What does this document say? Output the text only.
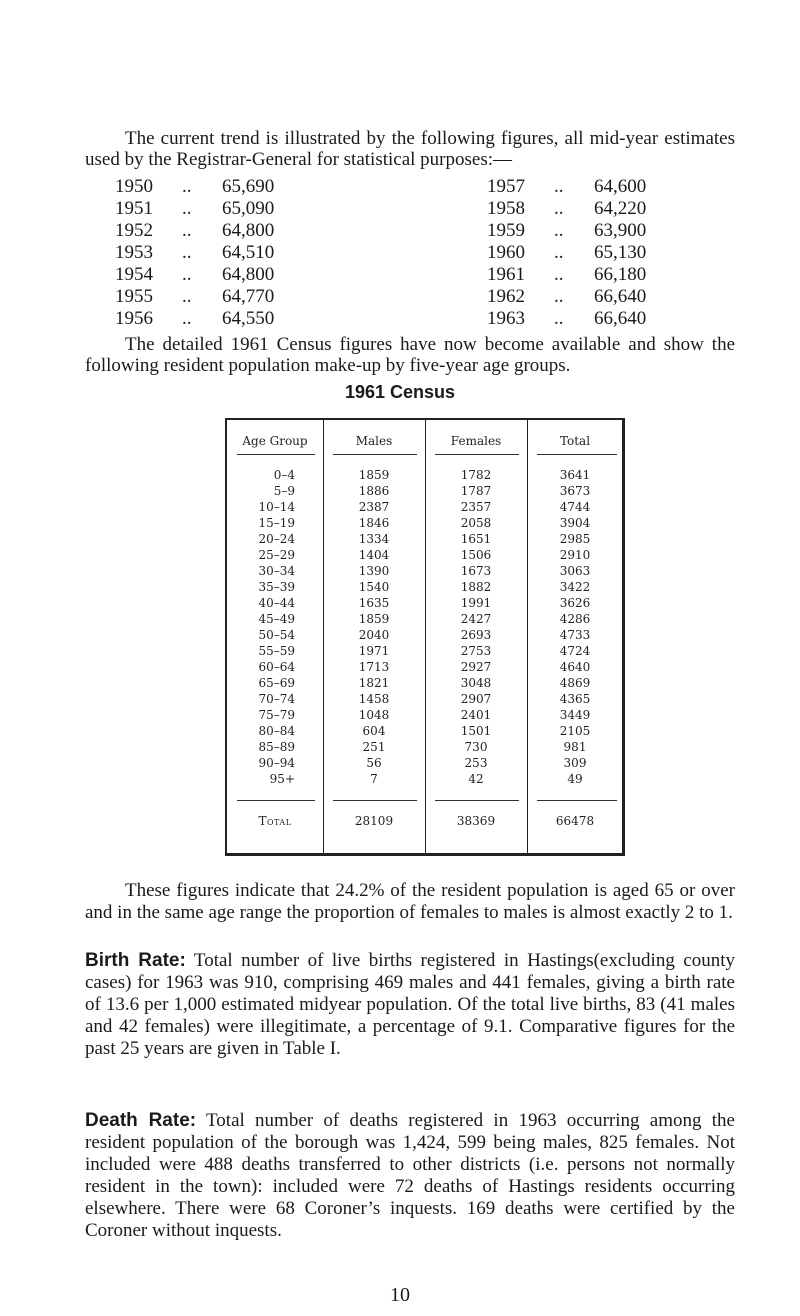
The current trend is illustrated by the following figures, all mid-year estimates used by the Registrar-General for statistical purposes:—
1950 .. 65,690
1951 .. 65,090
1952 .. 64,800
1953 .. 64,510
1954 .. 64,800
1955 .. 64,770
1956 .. 64,550
1957 .. 64,600
1958 .. 64,220
1959 .. 63,900
1960 .. 65,130
1961 .. 66,180
1962 .. 66,640
1963 .. 66,640
The detailed 1961 Census figures have now become available and show the following resident population make-up by five-year age groups.
1961 Census
Age Group	Males	Females	Total
0–4	1859	1782	3641
5–9	1886	1787	3673
10–14	2387	2357	4744
15–19	1846	2058	3904
20–24	1334	1651	2985
25–29	1404	1506	2910
30–34	1390	1673	3063
35–39	1540	1882	3422
40–44	1635	1991	3626
45–49	1859	2427	4286
50–54	2040	2693	4733
55–59	1971	2753	4724
60–64	1713	2927	4640
65–69	1821	3048	4869
70–74	1458	2907	4365
75–79	1048	2401	3449
80–84	604	1501	2105
85–89	251	730	981
90–94	56	253	309
95+	7	42	49
Total	28109	38369	66478
These figures indicate that 24.2% of the resident population is aged 65 or over and in the same age range the proportion of females to males is almost exactly 2 to 1.
Birth Rate: Total number of live births registered in Hastings(excluding county cases) for 1963 was 910, comprising 469 males and 441 females, giving a birth rate of 13.6 per 1,000 estimated midyear population. Of the total live births, 83 (41 males and 42 females) were illegitimate, a percentage of 9.1. Comparative figures for the past 25 years are given in Table I.
Death Rate: Total number of deaths registered in 1963 occurring among the resident population of the borough was 1,424, 599 being males, 825 females. Not included were 488 deaths transferred to other districts (i.e. persons not normally resident in the town): included were 72 deaths of Hastings residents occurring elsewhere. There were 68 Coroner’s inquests. 169 deaths were certified by the Coroner without inquests.
10
